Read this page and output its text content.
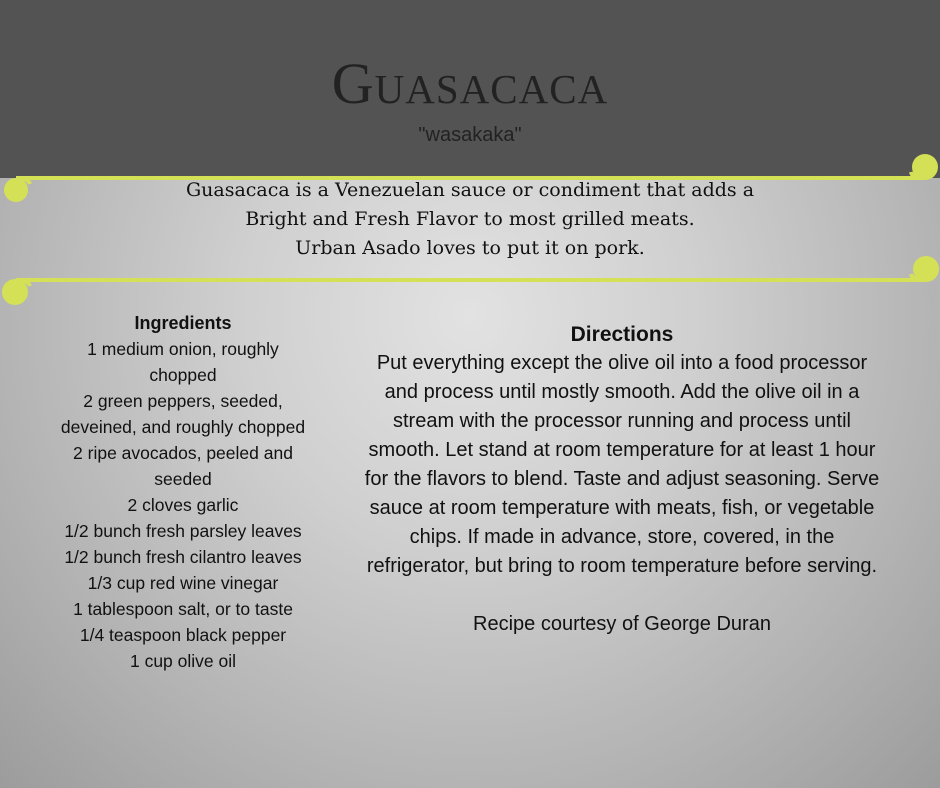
Guasacaca
"wasakaka"
Guasacaca is a Venezuelan sauce or condiment that adds a
Bright and Fresh Flavor to most grilled meats.
Urban Asado loves to put it on pork.
Ingredients
1 medium onion, roughly chopped
2 green peppers, seeded, deveined, and roughly chopped
2 ripe avocados, peeled and seeded
2 cloves garlic
1/2 bunch fresh parsley leaves
1/2 bunch fresh cilantro leaves
1/3 cup red wine vinegar
1 tablespoon salt, or to taste
1/4 teaspoon black pepper
1 cup olive oil
Directions

Put everything except the olive oil into a food processor and process until mostly smooth. Add the olive oil in a stream with the processor running and process until smooth. Let stand at room temperature for at least 1 hour for the flavors to blend. Taste and adjust seasoning. Serve sauce at room temperature with meats, fish, or vegetable chips. If made in advance, store, covered, in the refrigerator, but bring to room temperature before serving.

Recipe courtesy of George Duran
